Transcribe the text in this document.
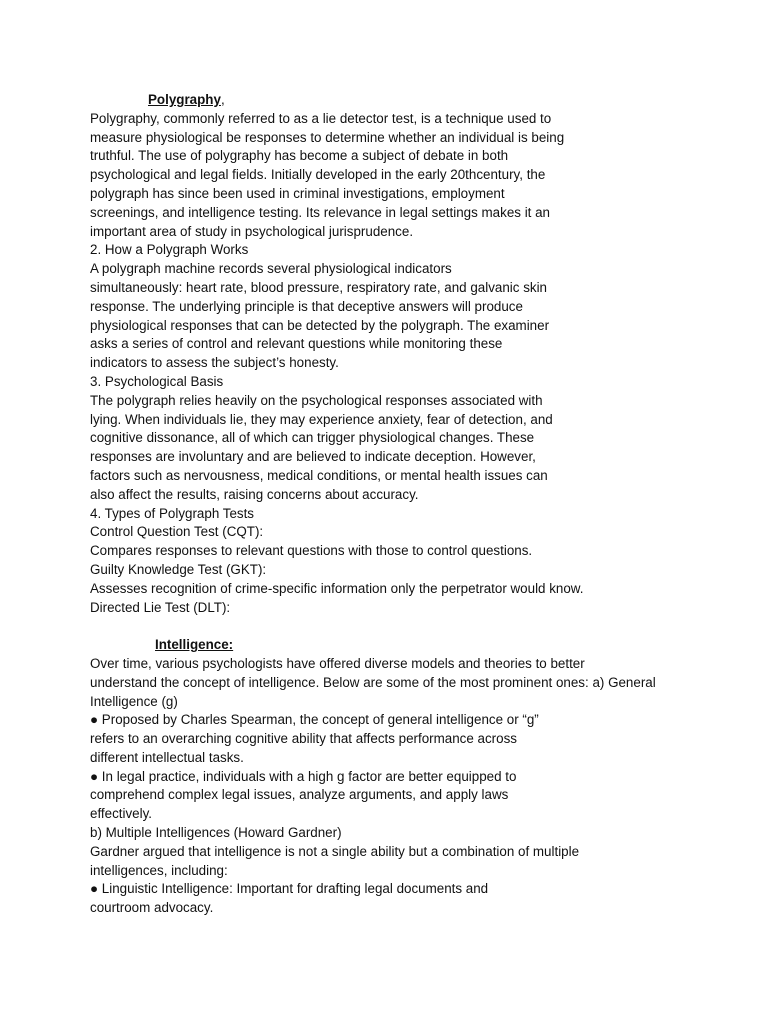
Polygraphy,
Polygraphy, commonly referred to as a lie detector test, is a technique used to
measure physiological be responses to determine whether an individual is being
truthful. The use of polygraphy has become a subject of debate in both
psychological and legal fields. Initially developed in the early 20thcentury, the
polygraph has since been used in criminal investigations, employment
screenings, and intelligence testing. Its relevance in legal settings makes it an
important area of study in psychological jurisprudence.
2. How a Polygraph Works
A polygraph machine records several physiological indicators
simultaneously: heart rate, blood pressure, respiratory rate, and galvanic skin
response. The underlying principle is that deceptive answers will produce
physiological responses that can be detected by the polygraph. The examiner
asks a series of control and relevant questions while monitoring these
indicators to assess the subject’s honesty.
3. Psychological Basis
The polygraph relies heavily on the psychological responses associated with
lying. When individuals lie, they may experience anxiety, fear of detection, and
cognitive dissonance, all of which can trigger physiological changes. These
responses are involuntary and are believed to indicate deception. However,
factors such as nervousness, medical conditions, or mental health issues can
also affect the results, raising concerns about accuracy.
4. Types of Polygraph Tests
Control Question Test (CQT):
Compares responses to relevant questions with those to control questions.
Guilty Knowledge Test (GKT):
Assesses recognition of crime-specific information only the perpetrator would know.
Directed Lie Test (DLT):
Intelligence:
Over time, various psychologists have offered diverse models and theories to better
understand the concept of intelligence. Below are some of the most prominent ones: a) General
Intelligence (g)
● Proposed by Charles Spearman, the concept of general intelligence or “g”
refers to an overarching cognitive ability that affects performance across
different intellectual tasks.
● In legal practice, individuals with a high g factor are better equipped to
comprehend complex legal issues, analyze arguments, and apply laws
effectively.
b) Multiple Intelligences (Howard Gardner)
Gardner argued that intelligence is not a single ability but a combination of multiple
intelligences, including:
● Linguistic Intelligence: Important for drafting legal documents and
courtroom advocacy.
